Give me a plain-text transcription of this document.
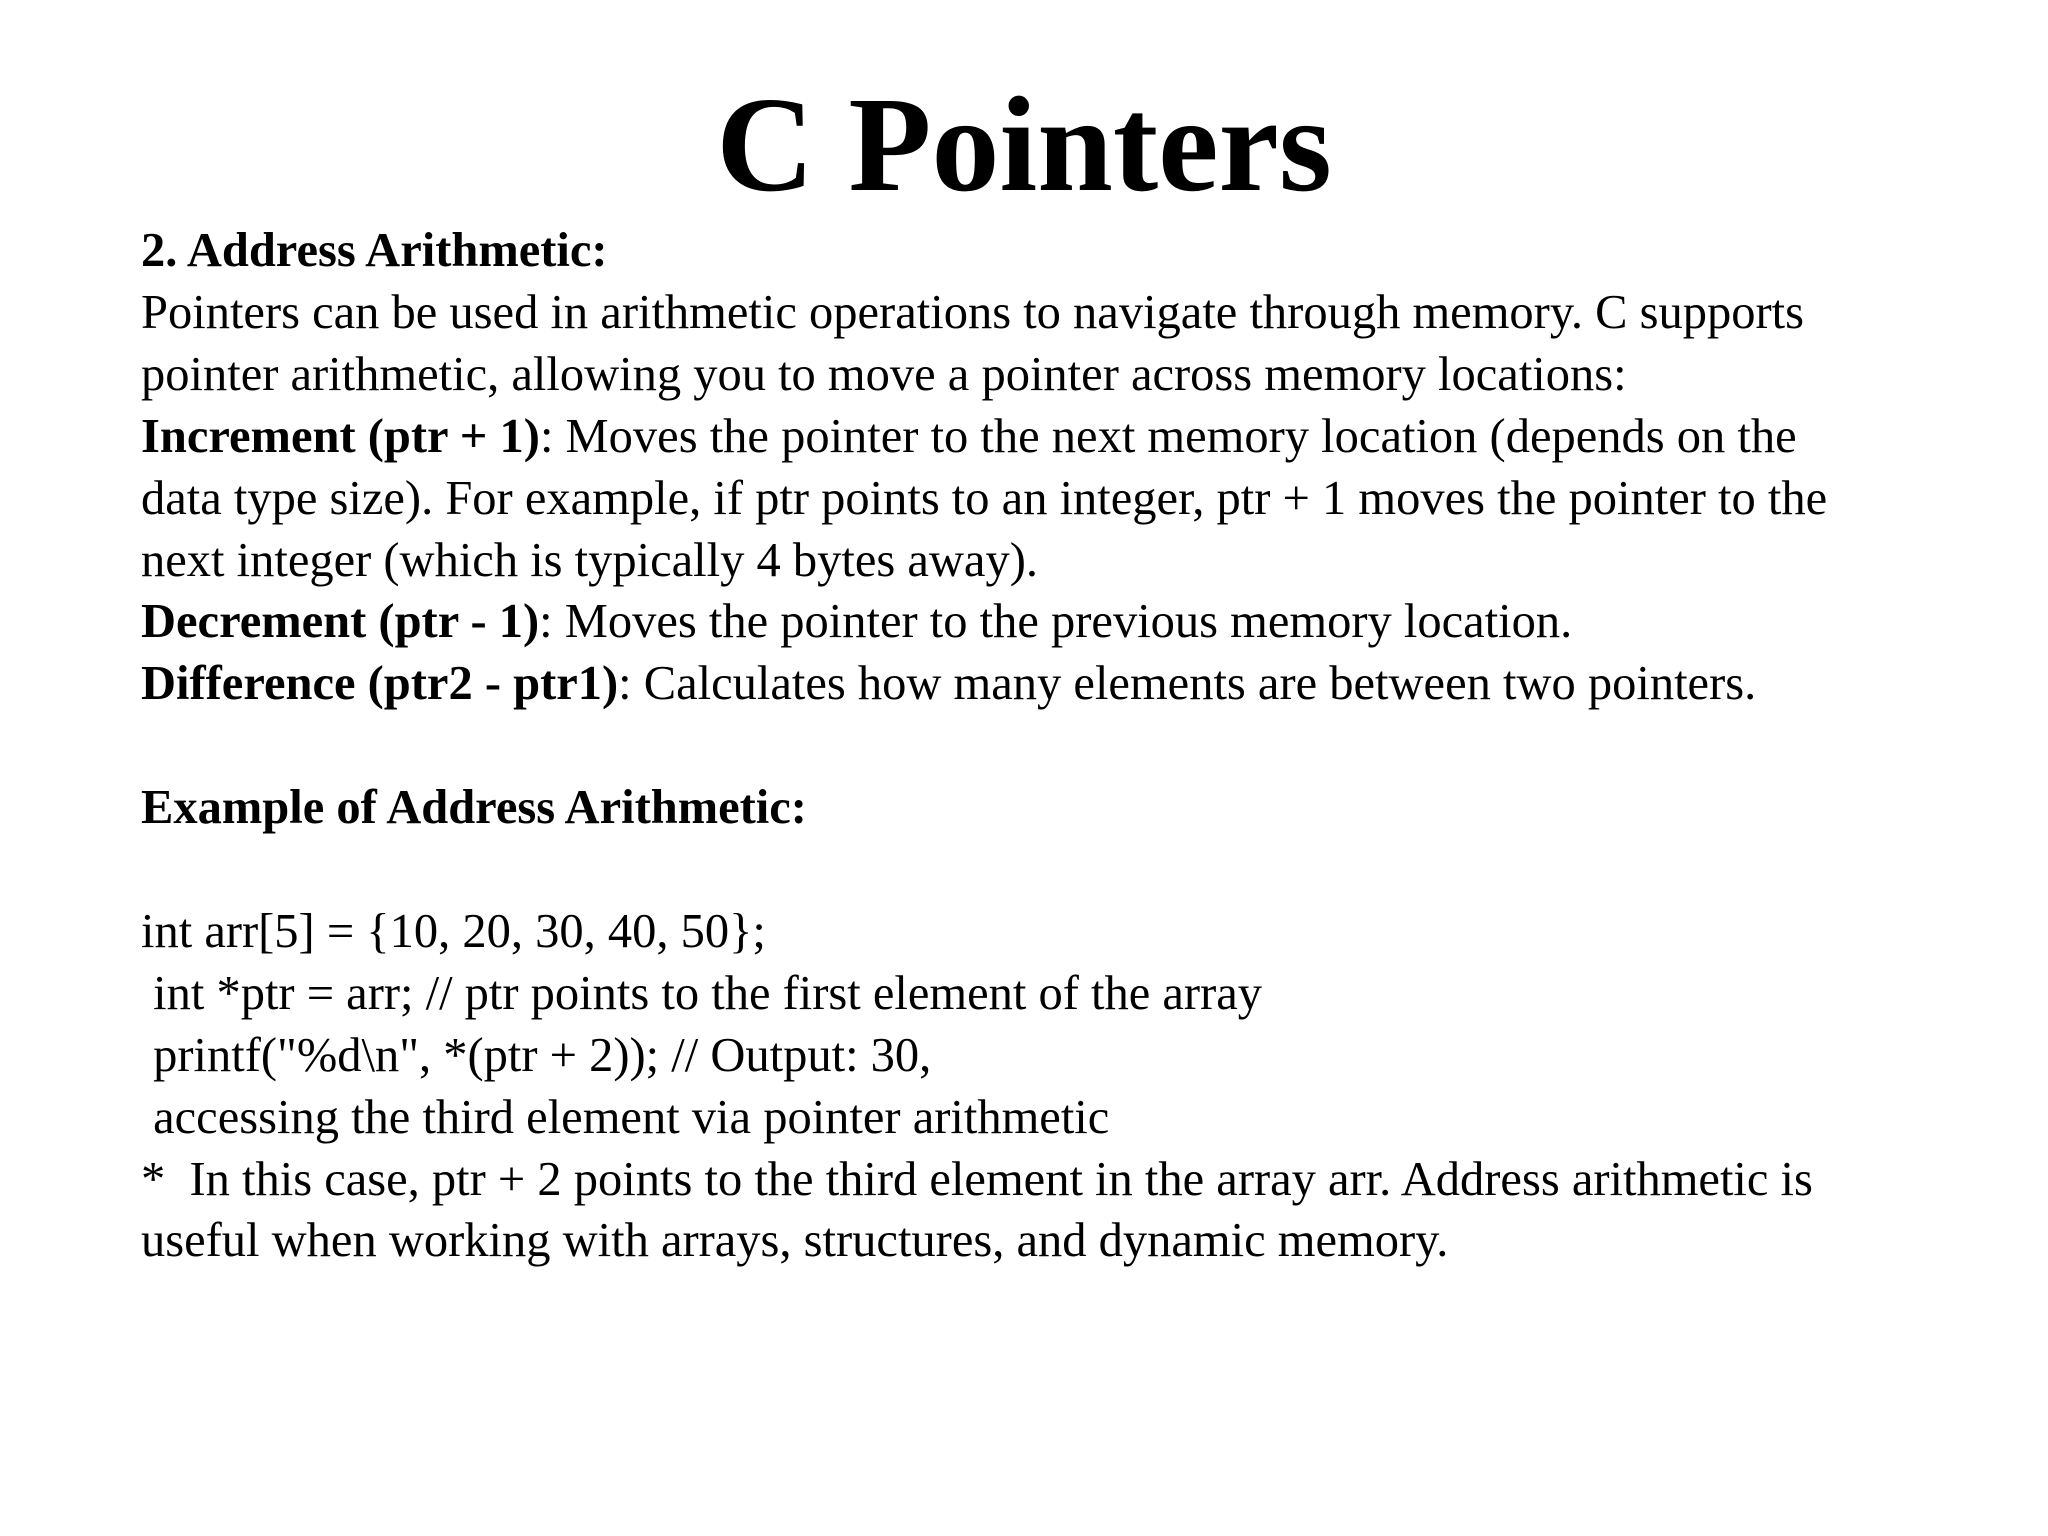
C Pointers
2. Address Arithmetic:
Pointers can be used in arithmetic operations to navigate through memory. C supports
pointer arithmetic, allowing you to move a pointer across memory locations:
Increment (ptr + 1): Moves the pointer to the next memory location (depends on the
data type size). For example, if ptr points to an integer, ptr + 1 moves the pointer to the
next integer (which is typically 4 bytes away).
Decrement (ptr - 1): Moves the pointer to the previous memory location.
Difference (ptr2 - ptr1): Calculates how many elements are between two pointers.
Example of Address Arithmetic:
int arr[5] = {10, 20, 30, 40, 50};
int *ptr = arr; // ptr points to the first element of the array
printf("%d\n", *(ptr + 2)); // Output: 30,
accessing the third element via pointer arithmetic
*  In this case, ptr + 2 points to the third element in the array arr. Address arithmetic is
useful when working with arrays, structures, and dynamic memory.
